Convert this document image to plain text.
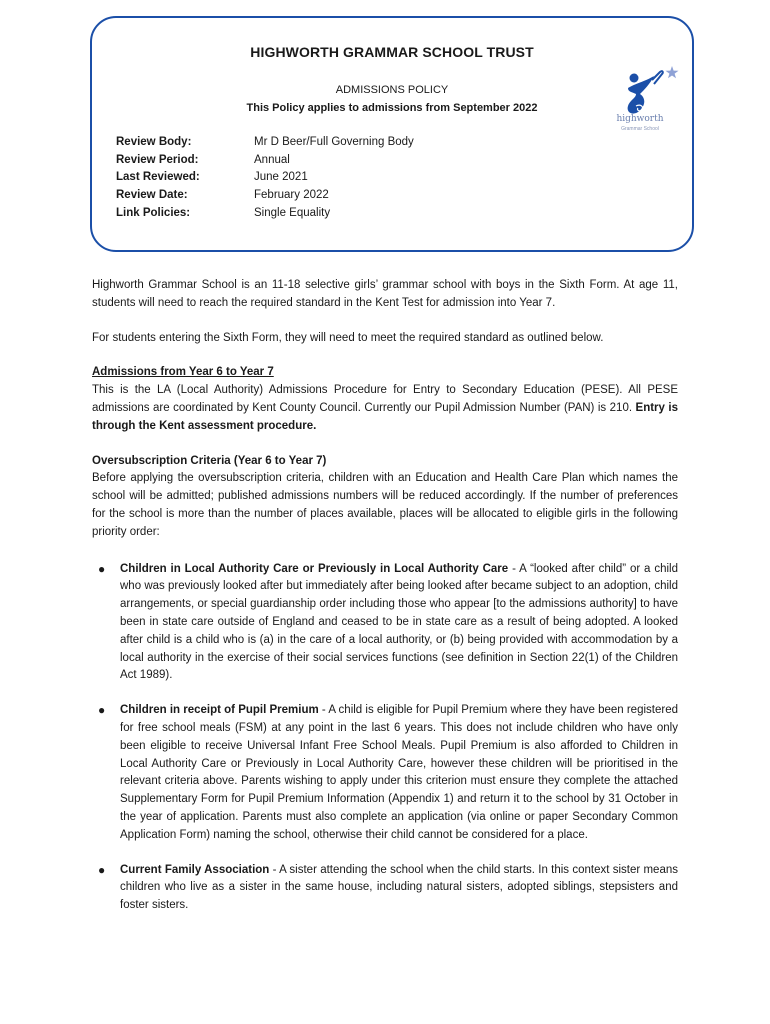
HIGHWORTH GRAMMAR SCHOOL TRUST
ADMISSIONS POLICY
This Policy applies to admissions from September 2022
Review Body:	Mr D Beer/Full Governing Body
Review Period:	Annual
Last Reviewed:	June 2021
Review Date:	February 2022
Link Policies:	Single Equality
highworth
Grammar School

Highworth Grammar School is an 11-18 selective girls’ grammar school with boys in the Sixth Form. At age 11, students will need to reach the required standard in the Kent Test for admission into Year 7.

For students entering the Sixth Form, they will need to meet the required standard as outlined below.

Admissions from Year 6 to Year 7

This is the LA (Local Authority) Admissions Procedure for Entry to Secondary Education (PESE). All PESE admissions are coordinated by Kent County Council. Currently our Pupil Admission Number (PAN) is 210. Entry is through the Kent assessment procedure.

Oversubscription Criteria (Year 6 to Year 7)

Before applying the oversubscription criteria, children with an Education and Health Care Plan which names the school will be admitted; published admissions numbers will be reduced accordingly. If the number of preferences for the school is more than the number of places available, places will be allocated to eligible girls in the following priority order:

●	Children in Local Authority Care or Previously in Local Authority Care - A “looked after child” or a child who was previously looked after but immediately after being looked after became subject to an adoption, child arrangements, or special guardianship order including those who appear [to the admissions authority] to have been in state care outside of England and ceased to be in state care as a result of being adopted. A looked after child is a child who is (a) in the care of a local authority, or (b) being provided with accommodation by a local authority in the exercise of their social services functions (see definition in Section 22(1) of the Children Act 1989).

●	Children in receipt of Pupil Premium - A child is eligible for Pupil Premium where they have been registered for free school meals (FSM) at any point in the last 6 years. This does not include children who have only been eligible to receive Universal Infant Free School Meals. Pupil Premium is also afforded to Children in Local Authority Care or Previously in Local Authority Care, however these children will be prioritised in the relevant criteria above. Parents wishing to apply under this criterion must ensure they complete the attached Supplementary Form for Pupil Premium Information (Appendix 1) and return it to the school by 31 October in the year of application. Parents must also complete an application (via online or paper Secondary Common Application Form) naming the school, otherwise their child cannot be considered for a place.

●	Current Family Association - A sister attending the school when the child starts. In this context sister means children who live as a sister in the same house, including natural sisters, adopted siblings, stepsisters and foster sisters.
